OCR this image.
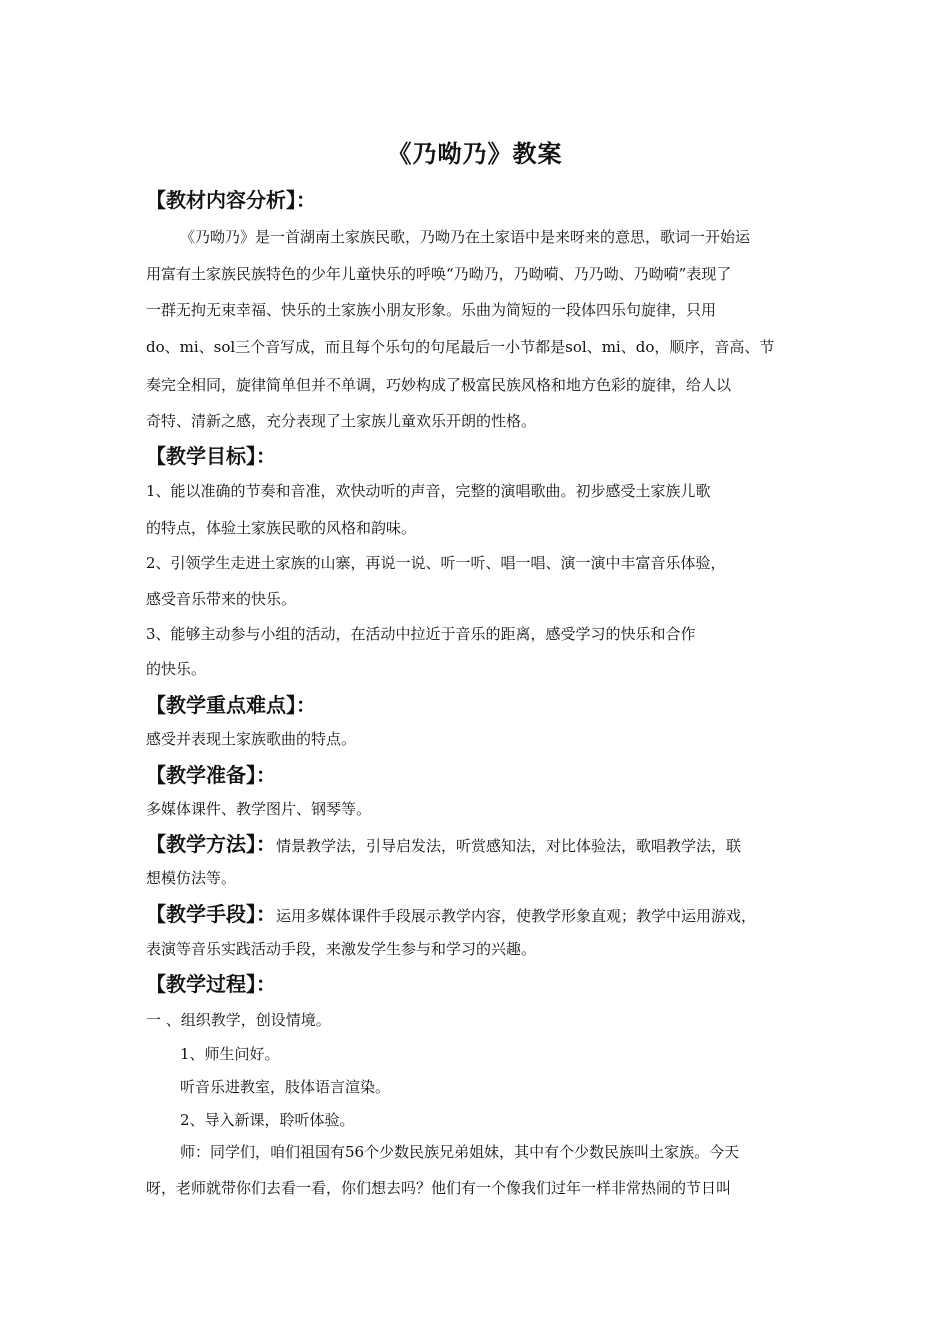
《乃呦乃》教案
【教材内容分析】：
《乃呦乃》是一首湖南土家族民歌，乃呦乃在土家语中是来呀来的意思，歌词一开始运
用富有土家族民族特色的少年儿童快乐的呼唤“乃呦乃，乃呦嗬、乃乃呦、乃呦嗬”表现了
一群无拘无束幸福、快乐的土家族小朋友形象。乐曲为简短的一段体四乐句旋律，只用
do、mi、sol三个音写成，而且每个乐句的句尾最后一小节都是sol、mi、do，顺序，音高、节
奏完全相同，旋律简单但并不单调，巧妙构成了极富民族风格和地方色彩的旋律，给人以
奇特、清新之感，充分表现了土家族儿童欢乐开朗的性格。
【教学目标】：
1、能以准确的节奏和音准，欢快动听的声音，完整的演唱歌曲。初步感受土家族儿歌
的特点，体验土家族民歌的风格和韵味。
2、引领学生走进土家族的山寨，再说一说、听一听、唱一唱、演一演中丰富音乐体验，
感受音乐带来的快乐。
3、能够主动参与小组的活动，在活动中拉近于音乐的距离，感受学习的快乐和合作
的快乐。
【教学重点难点】：
感受并表现土家族歌曲的特点。
【教学准备】：
多媒体课件、教学图片、钢琴等。
【教学方法】：情景教学法，引导启发法，听赏感知法，对比体验法，歌唱教学法，联
想模仿法等。
【教学手段】：运用多媒体课件手段展示教学内容，使教学形象直观；教学中运用游戏，
表演等音乐实践活动手段，来激发学生参与和学习的兴趣。
【教学过程】：
一 、组织教学，创设情境。
1、师生问好。
听音乐进教室，肢体语言渲染。
2、导入新课，聆听体验。
师：同学们，咱们祖国有56个少数民族兄弟姐妹，其中有个少数民族叫土家族。今天
呀，老师就带你们去看一看，你们想去吗？他们有一个像我们过年一样非常热闹的节日叫
